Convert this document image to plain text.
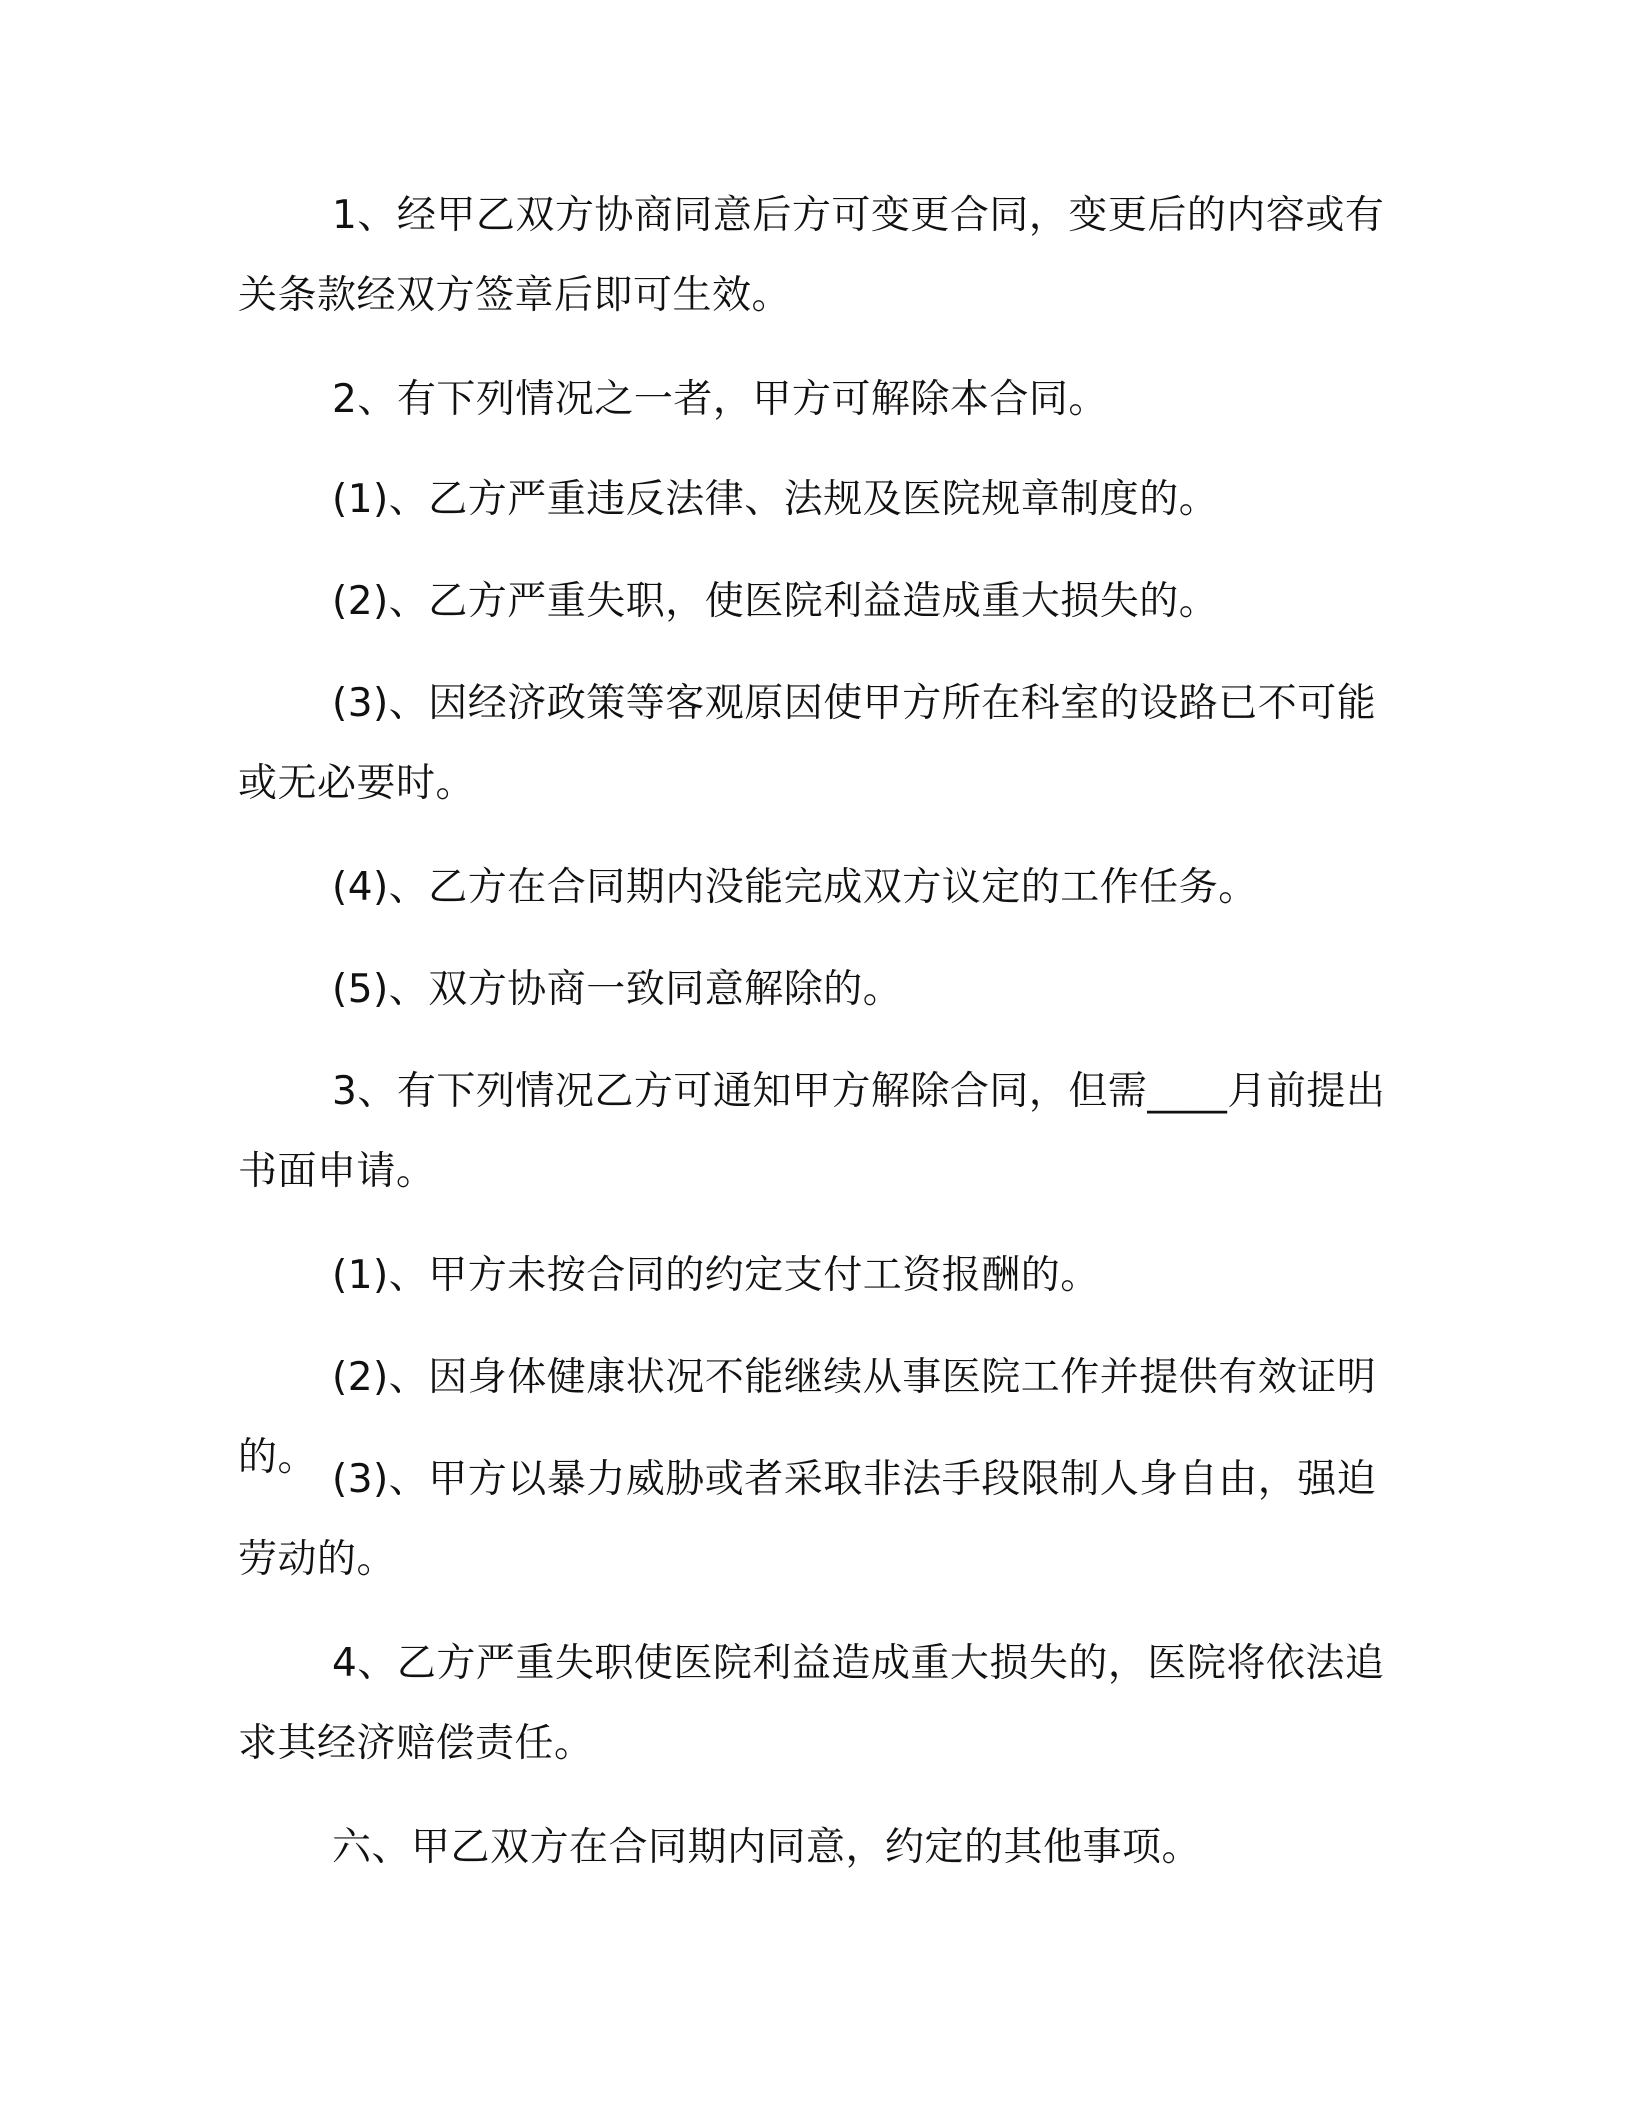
1、经甲乙双方协商同意后方可变更合同，变更后的内容或有关条款经双方签章后即可生效。

2、有下列情况之一者，甲方可解除本合同。

(1)、乙方严重违反法律、法规及医院规章制度的。

(2)、乙方严重失职，使医院利益造成重大损失的。

(3)、因经济政策等客观原因使甲方所在科室的设路已不可能或无必要时。

(4)、乙方在合同期内没能完成双方议定的工作任务。

(5)、双方协商一致同意解除的。

3、有下列情况乙方可通知甲方解除合同，但需____月前提出书面申请。

(1)、甲方未按合同的约定支付工资报酬的。

(2)、因身体健康状况不能继续从事医院工作并提供有效证明的。 (3)、甲方以暴力威胁或者采取非法手段限制人身自由，强迫劳动的。

4、乙方严重失职使医院利益造成重大损失的，医院将依法追求其经济赔偿责任。

六、甲乙双方在合同期内同意，约定的其他事项。
